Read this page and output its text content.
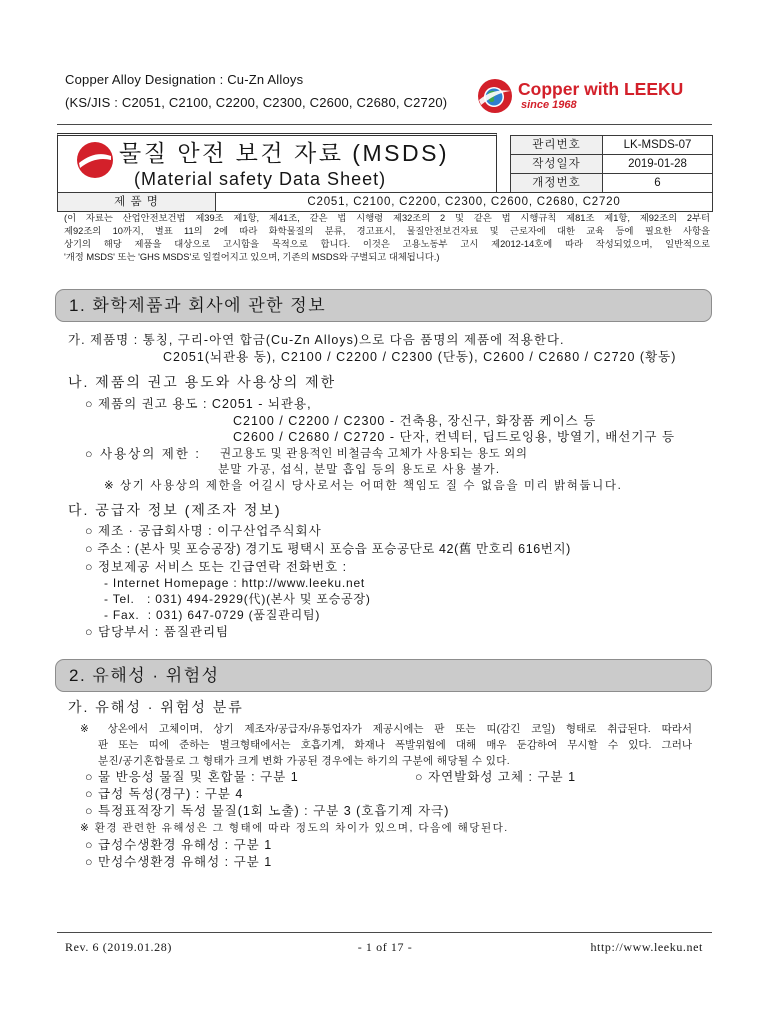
Copper Alloy Designation : Cu-Zn Alloys
(KS/JIS : C2051, C2100, C2200, C2300, C2600, C2680, C2720)
Copper with LEEKU
since 1968
물질 안전 보건 자료 (MSDS)
(Material safety Data Sheet)
관리번호	LK-MSDS-07
작성일자	2019-01-28
개정번호	6
제 품 명	C2051, C2100, C2200, C2300, C2600, C2680, C2720
(이 자료는 산업안전보건법 제39조 제1항, 제41조, 같은 법 시행령 제32조의 2 및 같은 법 시행규칙 제81조 제1항, 제92조의 2부터
제92조의 10까지, 별표 11의 2에 따라 화학물질의 분류, 경고표시, 물질안전보건자료 및 근로자에 대한 교육 등에 필요한 사항을
상기의 해당 제품을 대상으로 고시함을 목적으로 합니다. 이것은 고용노동부 고시 제2012-14호에 따라 작성되었으며, 일반적으로
'개정 MSDS' 또는 'GHS MSDS'로 일컬어지고 있으며, 기존의 MSDS와 구별되고 대체됩니다.)
1. 화학제품과 회사에 관한 정보
가. 제품명 : 통칭, 구리-아연 합금(Cu-Zn Alloys)으로 다음 품명의 제품에 적용한다.
C2051(뇌관용 동), C2100 / C2200 / C2300 (단동), C2600 / C2680 / C2720 (황동)
나. 제품의 권고 용도와 사용상의 제한
○ 제품의 권고 용도 : C2051 - 뇌관용,
C2100 / C2200 / C2300 - 건축용, 장신구, 화장품 케이스 등
C2600 / C2680 / C2720 - 단자, 컨넥터, 딥드로잉용, 방열기, 배선기구 등
○ 사용상의 제한 : 권고용도 및 관용적인 비철금속 고체가 사용되는 용도 외의
분말 가공, 섭식, 분말 흡입 등의 용도로 사용 불가.
※ 상기 사용상의 제한을 어길시 당사로서는 어떠한 책임도 질 수 없음을 미리 밝혀둡니다.
다. 공급자 정보 (제조자 정보)
○ 제조 · 공급회사명 : 이구산업주식회사
○ 주소 : (본사 및 포승공장) 경기도 평택시 포승읍 포승공단로 42(舊 만호리 616번지)
○ 정보제공 서비스 또는 긴급연락 전화번호 :
- Internet Homepage : http://www.leeku.net
- Tel.   : 031) 494-2929(代)(본사 및 포승공장)
- Fax.  : 031) 647-0729 (품질관리팀)
○ 담당부서 : 품질관리팀
2. 유해성 · 위험성
가. 유해성 · 위험성 분류
※ 상온에서 고체이며, 상기 제조자/공급자/유통업자가 제공시에는 판 또는 띠(감긴 코일) 형태로 취급된다. 따라서
판 또는 띠에 준하는 벌크형태에서는 호흡기계, 화재나 폭발위험에 대해 매우 둔감하여 무시할 수 있다. 그러나
분진/공기혼합물로 그 형태가 크게 변화 가공된 경우에는 하기의 구분에 해당될 수 있다.
○ 물 반응성 물질 및 혼합물 : 구분 1	○ 자연발화성 고체 : 구분 1
○ 급성 독성(경구) : 구분 4
○ 특정표적장기 독성 물질(1회 노출) : 구분 3 (호흡기계 자극)
※ 환경 관련한 유해성은 그 형태에 따라 정도의 차이가 있으며, 다음에 해당된다.
○ 급성수생환경 유해성 : 구분 1
○ 만성수생환경 유해성 : 구분 1
Rev. 6 (2019.01.28)	- 1 of 17 -	http://www.leeku.net
